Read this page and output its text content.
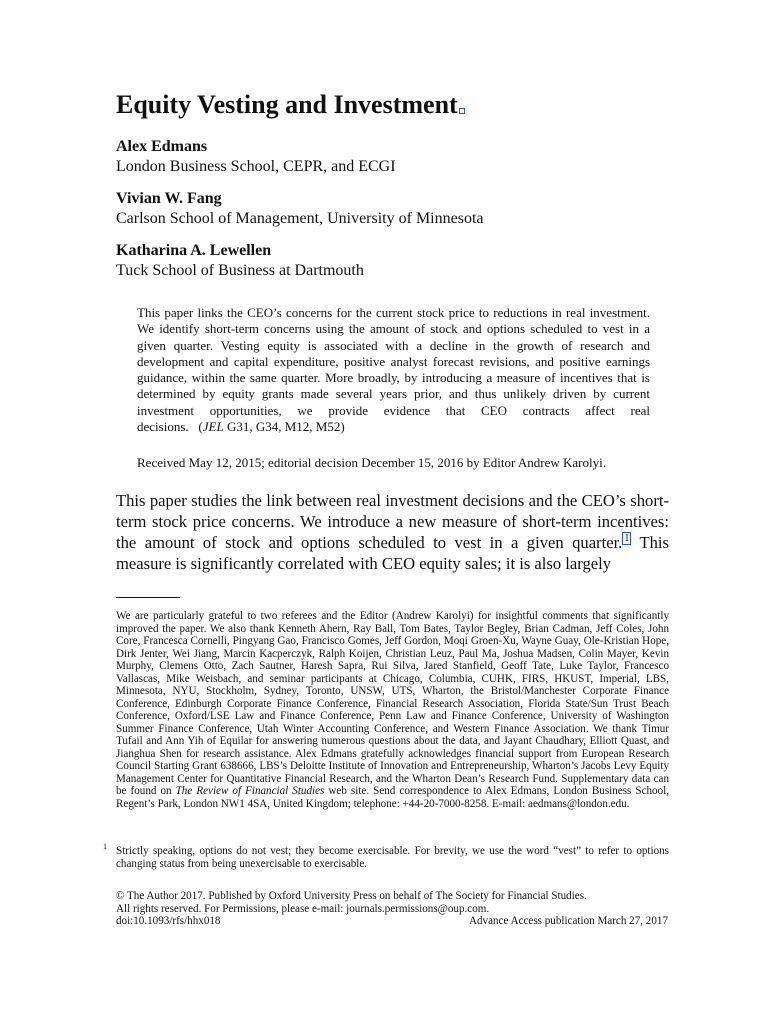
Equity Vesting and Investment
Alex Edmans
London Business School, CEPR, and ECGI
Vivian W. Fang
Carlson School of Management, University of Minnesota
Katharina A. Lewellen
Tuck School of Business at Dartmouth

This paper links the CEO’s concerns for the current stock price to reductions in real investment. We identify short-term concerns using the amount of stock and options scheduled to vest in a given quarter. Vesting equity is associated with a decline in the growth of research and development and capital expenditure, positive analyst forecast revisions, and positive earnings guidance, within the same quarter. More broadly, by introducing a measure of incentives that is determined by equity grants made several years prior, and thus unlikely driven by current investment opportunities, we provide evidence that CEO contracts affect real decisions.   (JEL G31, G34, M12, M52)

Received May 12, 2015; editorial decision December 15, 2016 by Editor Andrew Karolyi.

This paper studies the link between real investment decisions and the CEO’s short-term stock price concerns. We introduce a new measure of short-term incentives: the amount of stock and options scheduled to vest in a given quarter. $^1$ This measure is significantly correlated with CEO equity sales; it is also largely

We are particularly grateful to two referees and the Editor (Andrew Karolyi) for insightful comments that significantly improved the paper. We also thank Kenneth Ahern, Ray Ball, Tom Bates, Taylor Begley, Brian Cadman, Jeff Coles, John Core, Francesca Cornelli, Pingyang Gao, Francisco Gomes, Jeff Gordon, Moqi Groen-Xu, Wayne Guay, Ole-Kristian Hope, Dirk Jenter, Wei Jiang, Marcin Kacperczyk, Ralph Koijen, Christian Leuz, Paul Ma, Joshua Madsen, Colin Mayer, Kevin Murphy, Clemens Otto, Zach Sautner, Haresh Sapra, Rui Silva, Jared Stanfield, Geoff Tate, Luke Taylor, Francesco Vallascas, Mike Weisbach, and seminar participants at Chicago, Columbia, CUHK, FIRS, HKUST, Imperial, LBS, Minnesota, NYU, Stockholm, Sydney, Toronto, UNSW, UTS, Wharton, the Bristol/Manchester Corporate Finance Conference, Edinburgh Corporate Finance Conference, Financial Research Association, Florida State/Sun Trust Beach Conference, Oxford/LSE Law and Finance Conference, Penn Law and Finance Conference, University of Washington Summer Finance Conference, Utah Winter Accounting Conference, and Western Finance Association. We thank Timur Tufail and Ann Yih of Equilar for answering numerous questions about the data, and Jayant Chaudhary, Elliott Quast, and Jianghua Shen for research assistance. Alex Edmans gratefully acknowledges financial support from European Research Council Starting Grant 638666, LBS’s Deloitte Institute of Innovation and Entrepreneurship, Wharton’s Jacobs Levy Equity Management Center for Quantitative Financial Research, and the Wharton Dean’s Research Fund. Supplementary data can be found on The Review of Financial Studies web site. Send correspondence to Alex Edmans, London Business School, Regent’s Park, London NW1 4SA, United Kingdom; telephone: +44-20-7000-8258. E-mail: aedmans@london.edu.

1 Strictly speaking, options do not vest; they become exercisable. For brevity, we use the word “vest” to refer to options changing status from being unexercisable to exercisable.

© The Author 2017. Published by Oxford University Press on behalf of The Society for Financial Studies.
All rights reserved. For Permissions, please e-mail: journals.permissions@oup.com.
doi:10.1093/rfs/hhx018	Advance Access publication March 27, 2017
